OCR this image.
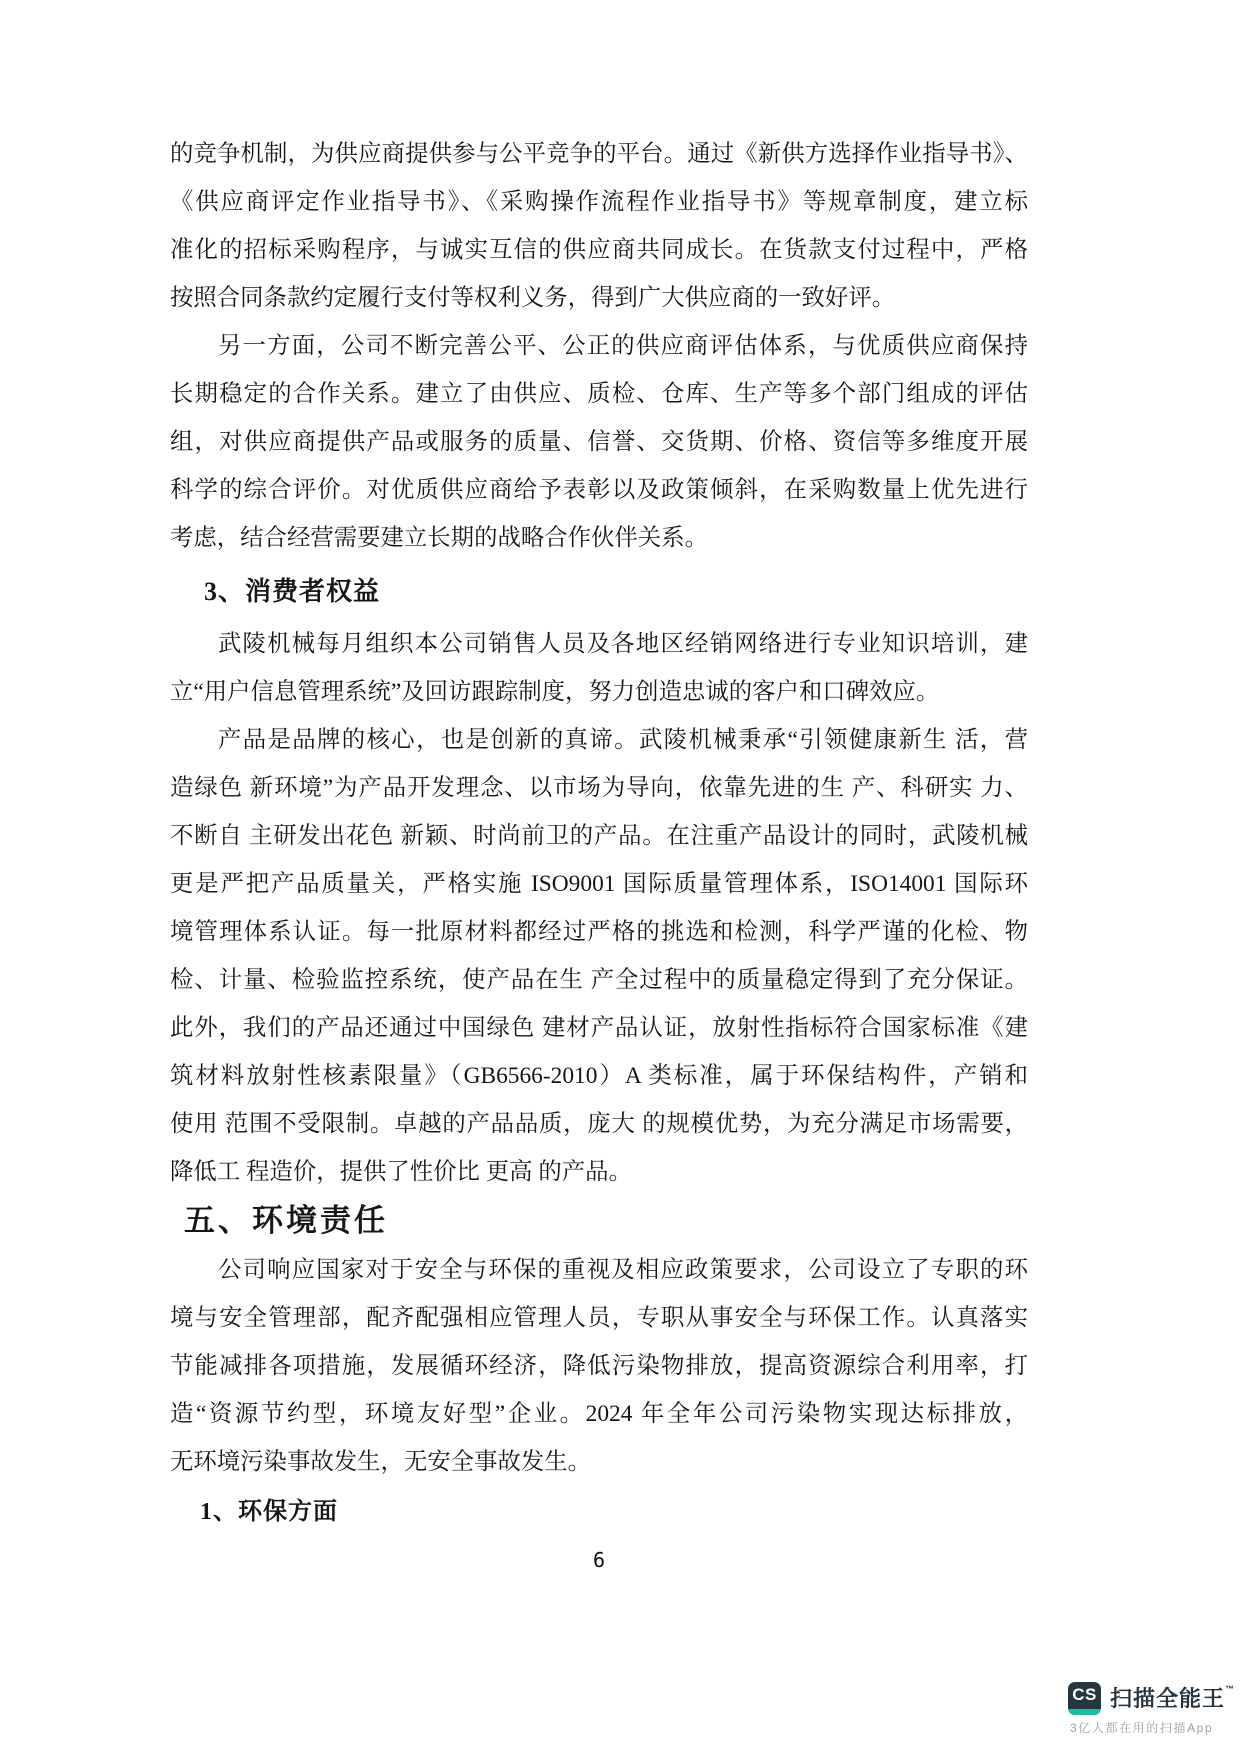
的竞争机制，为供应商提供参与公平竞争的平台。通过《新供方选择作业指导书》、
《供应商评定作业指导书》、《采购操作流程作业指导书》等规章制度，建立标
准化的招标采购程序，与诚实互信的供应商共同成长。在货款支付过程中，严格
按照合同条款约定履行支付等权利义务，得到广大供应商的一致好评。
另一方面，公司不断完善公平、公正的供应商评估体系，与优质供应商保持
长期稳定的合作关系。建立了由供应、质检、仓库、生产等多个部门组成的评估
组，对供应商提供产品或服务的质量、信誉、交货期、价格、资信等多维度开展
科学的综合评价。对优质供应商给予表彰以及政策倾斜，在采购数量上优先进行
考虑，结合经营需要建立长期的战略合作伙伴关系。
3、消费者权益
武陵机械每月组织本公司销售人员及各地区经销网络进行专业知识培训，建
立“用户信息管理系统”及回访跟踪制度，努力创造忠诚的客户和口碑效应。
产品是品牌的核心，也是创新的真谛。武陵机械秉承“引领健康新生 活，营
造绿色 新环境”为产品开发理念、以市场为导向，依靠先进的生 产、科研实 力、
不断自 主研发出花色 新颖、时尚前卫的产品。在注重产品设计的同时，武陵机械
更是严把产品质量关，严格实施 ISO9001 国际质量管理体系，ISO14001 国际环
境管理体系认证。每一批原材料都经过严格的挑选和检测，科学严谨的化检、物
检、计量、检验监控系统，使产品在生 产全过程中的质量稳定得到了充分保证。
此外，我们的产品还通过中国绿色 建材产品认证，放射性指标符合国家标准《建
筑材料放射性核素限量》（GB6566-2010）A 类标准，属于环保结构件，产销和
使用 范围不受限制。卓越的产品品质，庞大 的规模优势，为充分满足市场需要，
降低工 程造价，提供了性价比 更高 的产品。
五、环境责任
公司响应国家对于安全与环保的重视及相应政策要求，公司设立了专职的环
境与安全管理部，配齐配强相应管理人员，专职从事安全与环保工作。认真落实
节能减排各项措施，发展循环经济，降低污染物排放，提高资源综合利用率，打
造“资源节约型，环境友好型”企业。2024 年全年公司污染物实现达标排放，
无环境污染事故发生，无安全事故发生。
1、环保方面
6
CS 扫描全能王™
3亿人都在用的扫描App
